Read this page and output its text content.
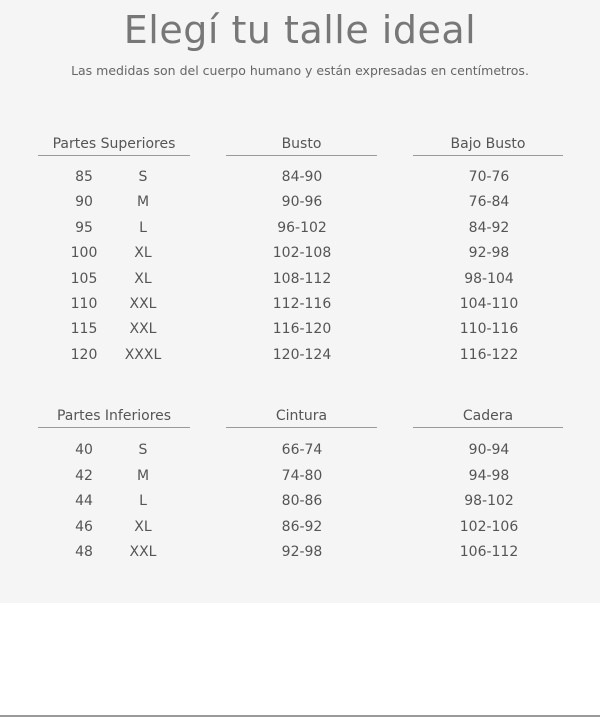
Elegí tu talle ideal
Las medidas son del cuerpo humano y están expresadas en centímetros.
Partes Superiores	Busto	Bajo Busto
85	S	84-90	70-76
90	M	90-96	76-84
95	L	96-102	84-92
100	XL	102-108	92-98
105	XL	108-112	98-104
110	XXL	112-116	104-110
115	XXL	116-120	110-116
120	XXXL	120-124	116-122
Partes Inferiores	Cintura	Cadera
40	S	66-74	90-94
42	M	74-80	94-98
44	L	80-86	98-102
46	XL	86-92	102-106
48	XXL	92-98	106-112
